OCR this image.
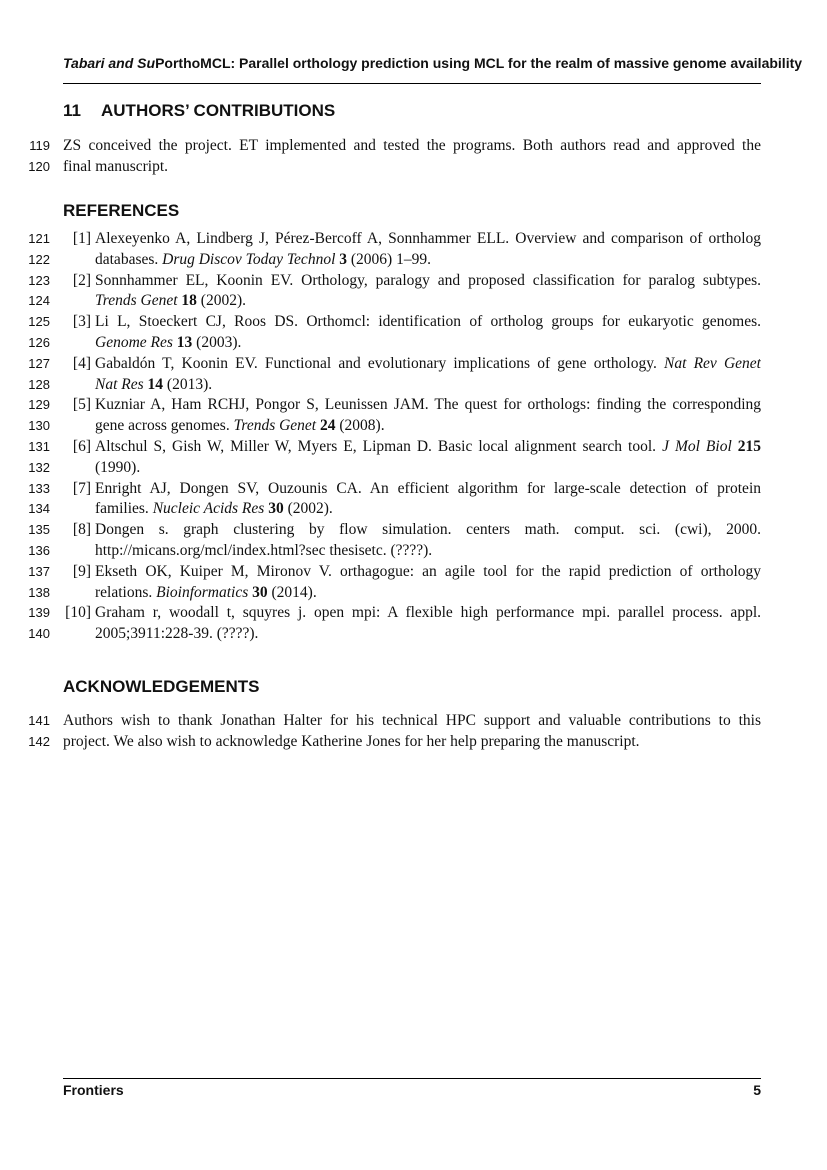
Tabari and SuPorthoMCL: Parallel orthology prediction using MCL for the realm of massive genome availability
11 AUTHORS’ CONTRIBUTIONS
119
120
ZS conceived the project. ET implemented and tested the programs. Both authors read and approved the
final manuscript.
REFERENCES
121
122
123
124
125
126
127
128
129
130
131
132
133
134
135
136
137
138
139
140
[1] Alexeyenko A, Lindberg J, Pérez-Bercoff A, Sonnhammer ELL. Overview and comparison of ortholog
databases. Drug Discov Today Technol 3 (2006) 1–99.
[2] Sonnhammer EL, Koonin EV. Orthology, paralogy and proposed classification for paralog subtypes.
Trends Genet 18 (2002).
[3] Li L, Stoeckert CJ, Roos DS. Orthomcl: identification of ortholog groups for eukaryotic genomes.
Genome Res 13 (2003).
[4] Gabaldón T, Koonin EV. Functional and evolutionary implications of gene orthology. Nat Rev Genet
Nat Res 14 (2013).
[5] Kuzniar A, Ham RCHJ, Pongor S, Leunissen JAM. The quest for orthologs: finding the corresponding
gene across genomes. Trends Genet 24 (2008).
[6] Altschul S, Gish W, Miller W, Myers E, Lipman D. Basic local alignment search tool. J Mol Biol 215
(1990).
[7] Enright AJ, Dongen SV, Ouzounis CA. An efficient algorithm for large-scale detection of protein
families. Nucleic Acids Res 30 (2002).
[8] Dongen s. graph clustering by flow simulation. centers math. comput. sci. (cwi), 2000.
http://micans.org/mcl/index.html?sec thesisetc. (????).
[9] Ekseth OK, Kuiper M, Mironov V. orthagogue: an agile tool for the rapid prediction of orthology
relations. Bioinformatics 30 (2014).
[10] Graham r, woodall t, squyres j. open mpi: A flexible high performance mpi. parallel process. appl.
2005;3911:228-39. (????).
ACKNOWLEDGEMENTS
141
142
Authors wish to thank Jonathan Halter for his technical HPC support and valuable contributions to this
project. We also wish to acknowledge Katherine Jones for her help preparing the manuscript.
Frontiers	5
